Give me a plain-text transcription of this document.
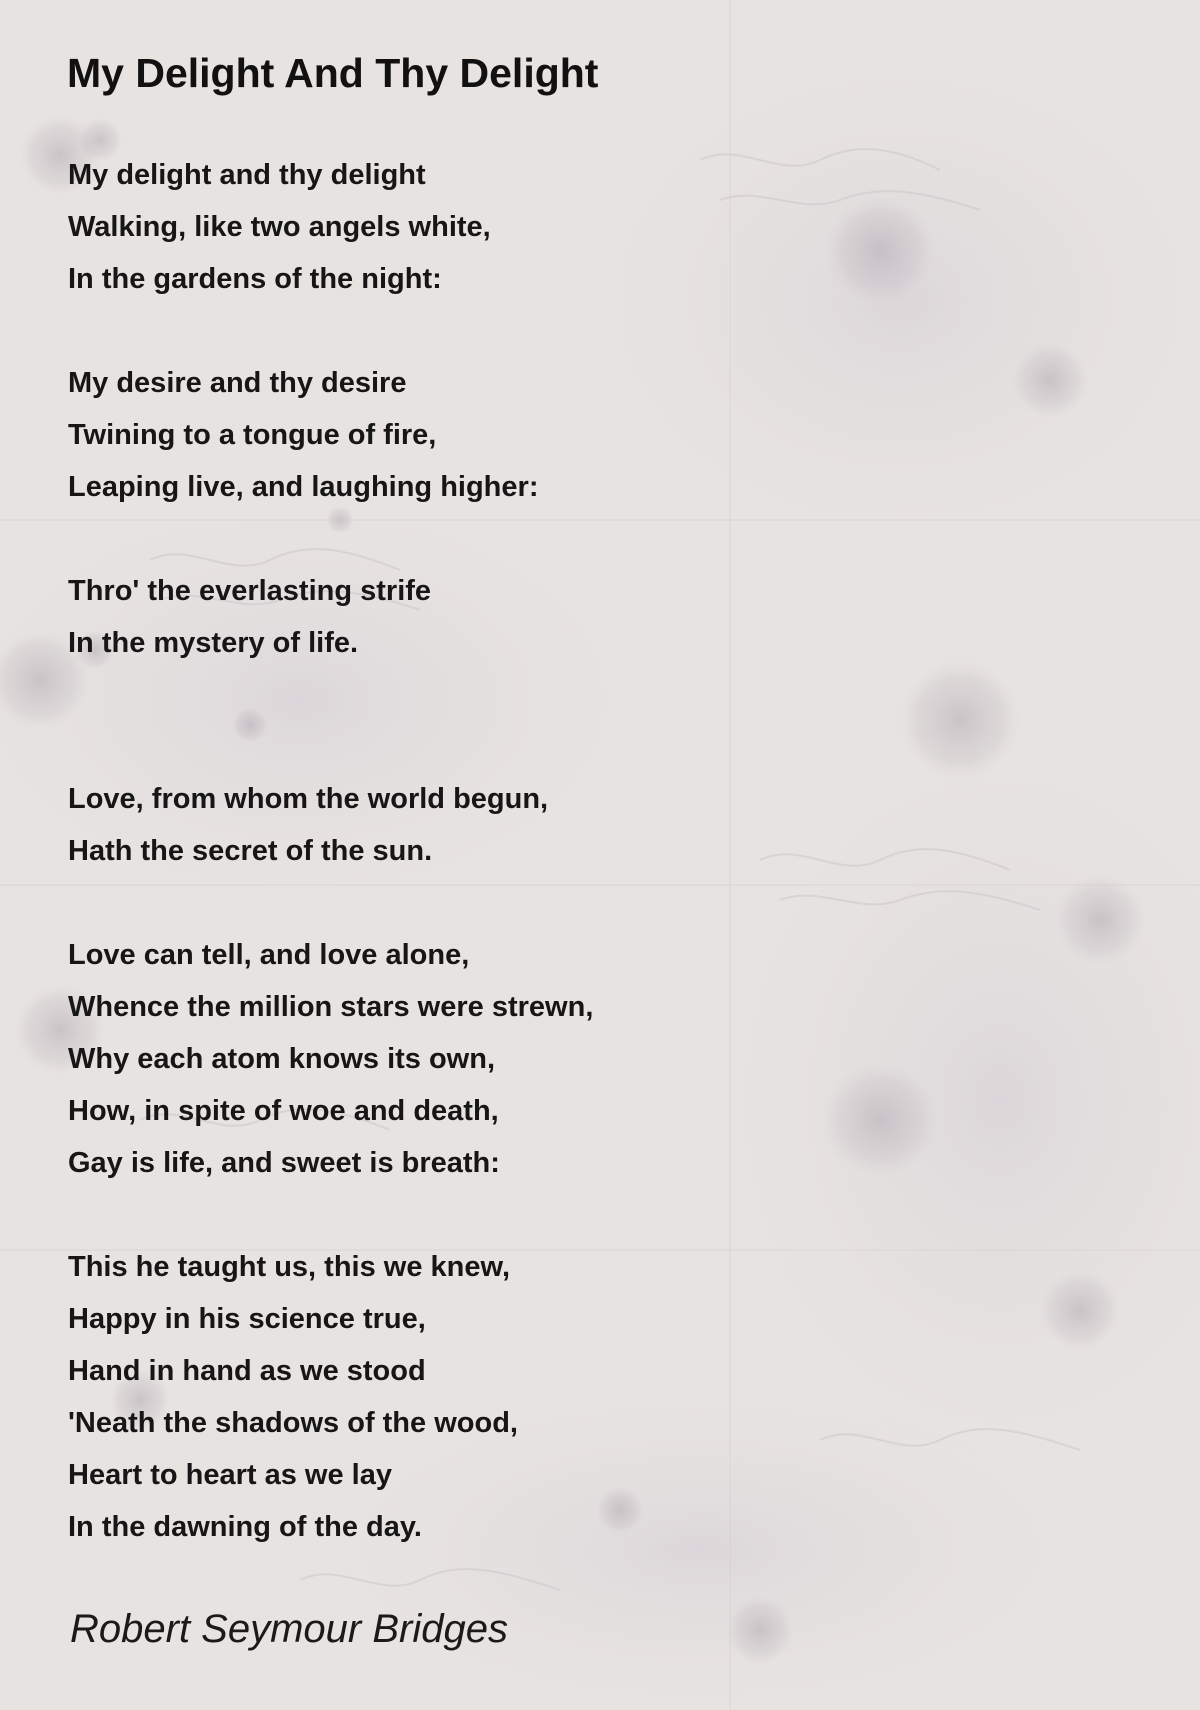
My Delight And Thy Delight
My delight and thy delight
Walking, like two angels white,
In the gardens of the night:
My desire and thy desire
Twining to a tongue of fire,
Leaping live, and laughing higher:
Thro' the everlasting strife
In the mystery of life.
Love, from whom the world begun,
Hath the secret of the sun.
Love can tell, and love alone,
Whence the million stars were strewn,
Why each atom knows its own,
How, in spite of woe and death,
Gay is life, and sweet is breath:
This he taught us, this we knew,
Happy in his science true,
Hand in hand as we stood
'Neath the shadows of the wood,
Heart to heart as we lay
In the dawning of the day.
Robert Seymour Bridges
